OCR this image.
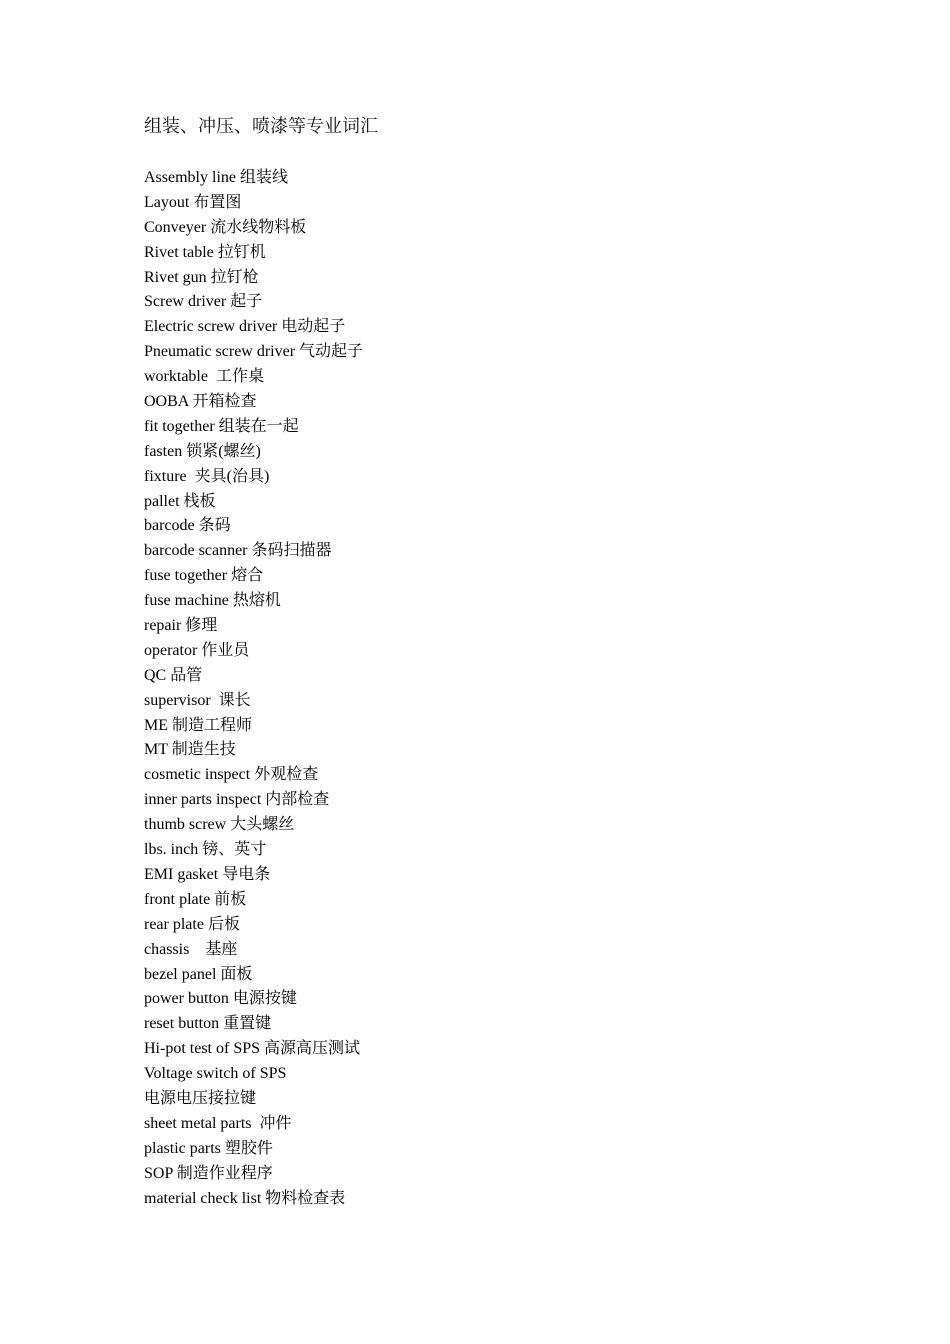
组装、冲压、喷漆等专业词汇
Assembly line 组装线
Layout 布置图
Conveyer 流水线物料板
Rivet table 拉钉机
Rivet gun 拉钉枪
Screw driver 起子
Electric screw driver 电动起子
Pneumatic screw driver 气动起子
worktable  工作桌
OOBA 开箱检查
fit together 组装在一起
fasten 锁紧(螺丝)
fixture  夹具(治具)
pallet 栈板
barcode 条码
barcode scanner 条码扫描器
fuse together 熔合
fuse machine 热熔机
repair 修理
operator 作业员
QC 品管
supervisor  课长
ME 制造工程师
MT 制造生技
cosmetic inspect 外观检查
inner parts inspect 内部检查
thumb screw 大头螺丝
lbs. inch 镑、英寸
EMI gasket 导电条
front plate 前板
rear plate 后板
chassis    基座
bezel panel 面板
power button 电源按键
reset button 重置键
Hi-pot test of SPS 高源高压测试
Voltage switch of SPS
电源电压接拉键
sheet metal parts  冲件
plastic parts 塑胶件
SOP 制造作业程序
material check list 物料检查表
